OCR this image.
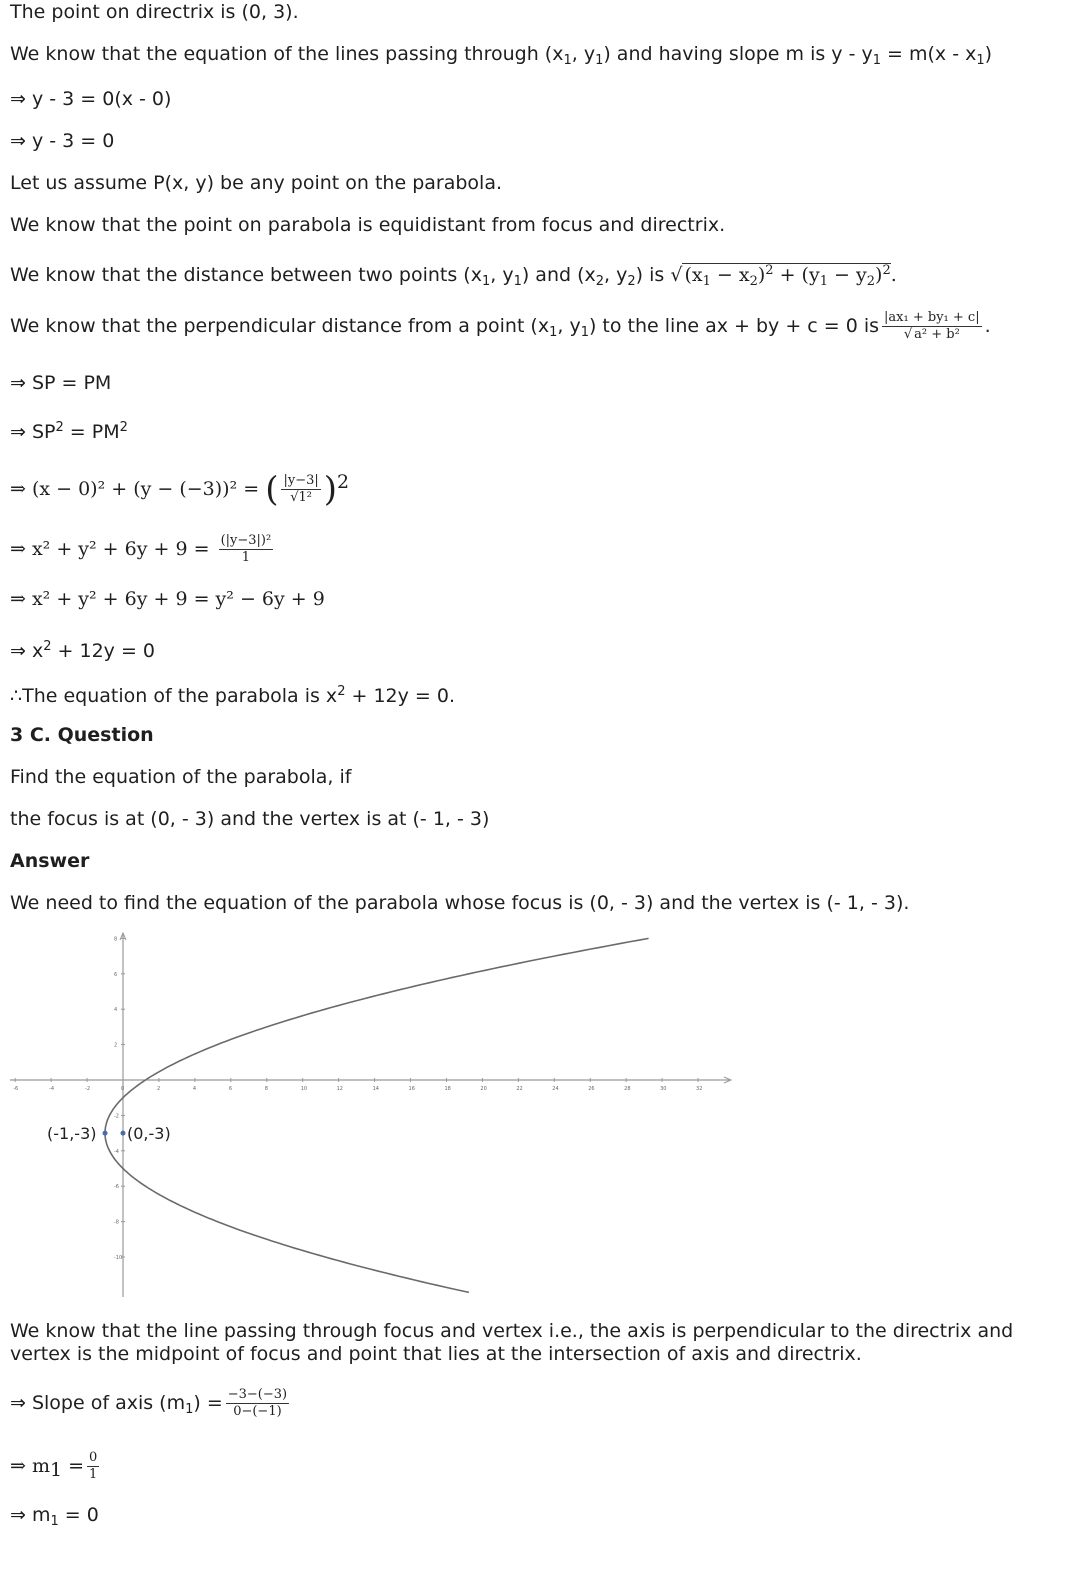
The point on directrix is (0, 3).
We know that the equation of the lines passing through ($x_1$, $y_1$) and having slope m is $y - y_1 = m(x - x_1)$
⇒ y - 3 = 0(x - 0)
⇒ y - 3 = 0
Let us assume P(x, y) be any point on the parabola.
We know that the point on parabola is equidistant from focus and directrix.
We know that the distance between two points ($x_1$, $y_1$) and ($x_2$, $y_2$) is √ $(x_1 - x_2)^2 + (y_1 - y_2)^2$.
We know that the perpendicular distance from a point ($x_1$, $y_1$) to the line ax + by + c = 0 is $\frac{\text{|ax₁ + by₁ + c|}}{\text{√ a² + b²}}$ .
⇒ SP = PM
⇒ $SP^2 = PM^2$
⇒ (x − 0)² + (y − (−3))² = ( $\frac{|y-3|}{\text{√1²}} )^2$
⇒ $x^2 + y^2 + 6y + 9 = \frac{\text{(|y−3|)²}}{1}$
⇒ x² + y² + 6y + 9 = y² − 6y + 9
⇒ $x^2 + 12y = 0$
∴The equation of the parabola is $x^2 + 12y = 0$.
3 C. Question
Find the equation of the parabola, if
the focus is at (0, - 3) and the vertex is at (- 1, - 3)
Answer
We need to find the equation of the parabola whose focus is (0, - 3) and the vertex is (- 1, - 3).
-6	-4	-2	0	2	4	6	8	10	12	14	16	18	20	22	24	26	28	30	32
8
6
4
2
-2
-4
-6
-8
-10
(-1,-3) (0,-3)
We know that the line passing through focus and vertex i.e., the axis is perpendicular to the directrix and
vertex is the midpoint of focus and point that lies at the intersection of axis and directrix.
⇒ Slope of axis $(m_1) = \frac{-3-(-3)}{0-(-1)}$
⇒ $m_1 = \frac{0}{1}$
⇒ $m_1 = 0$
